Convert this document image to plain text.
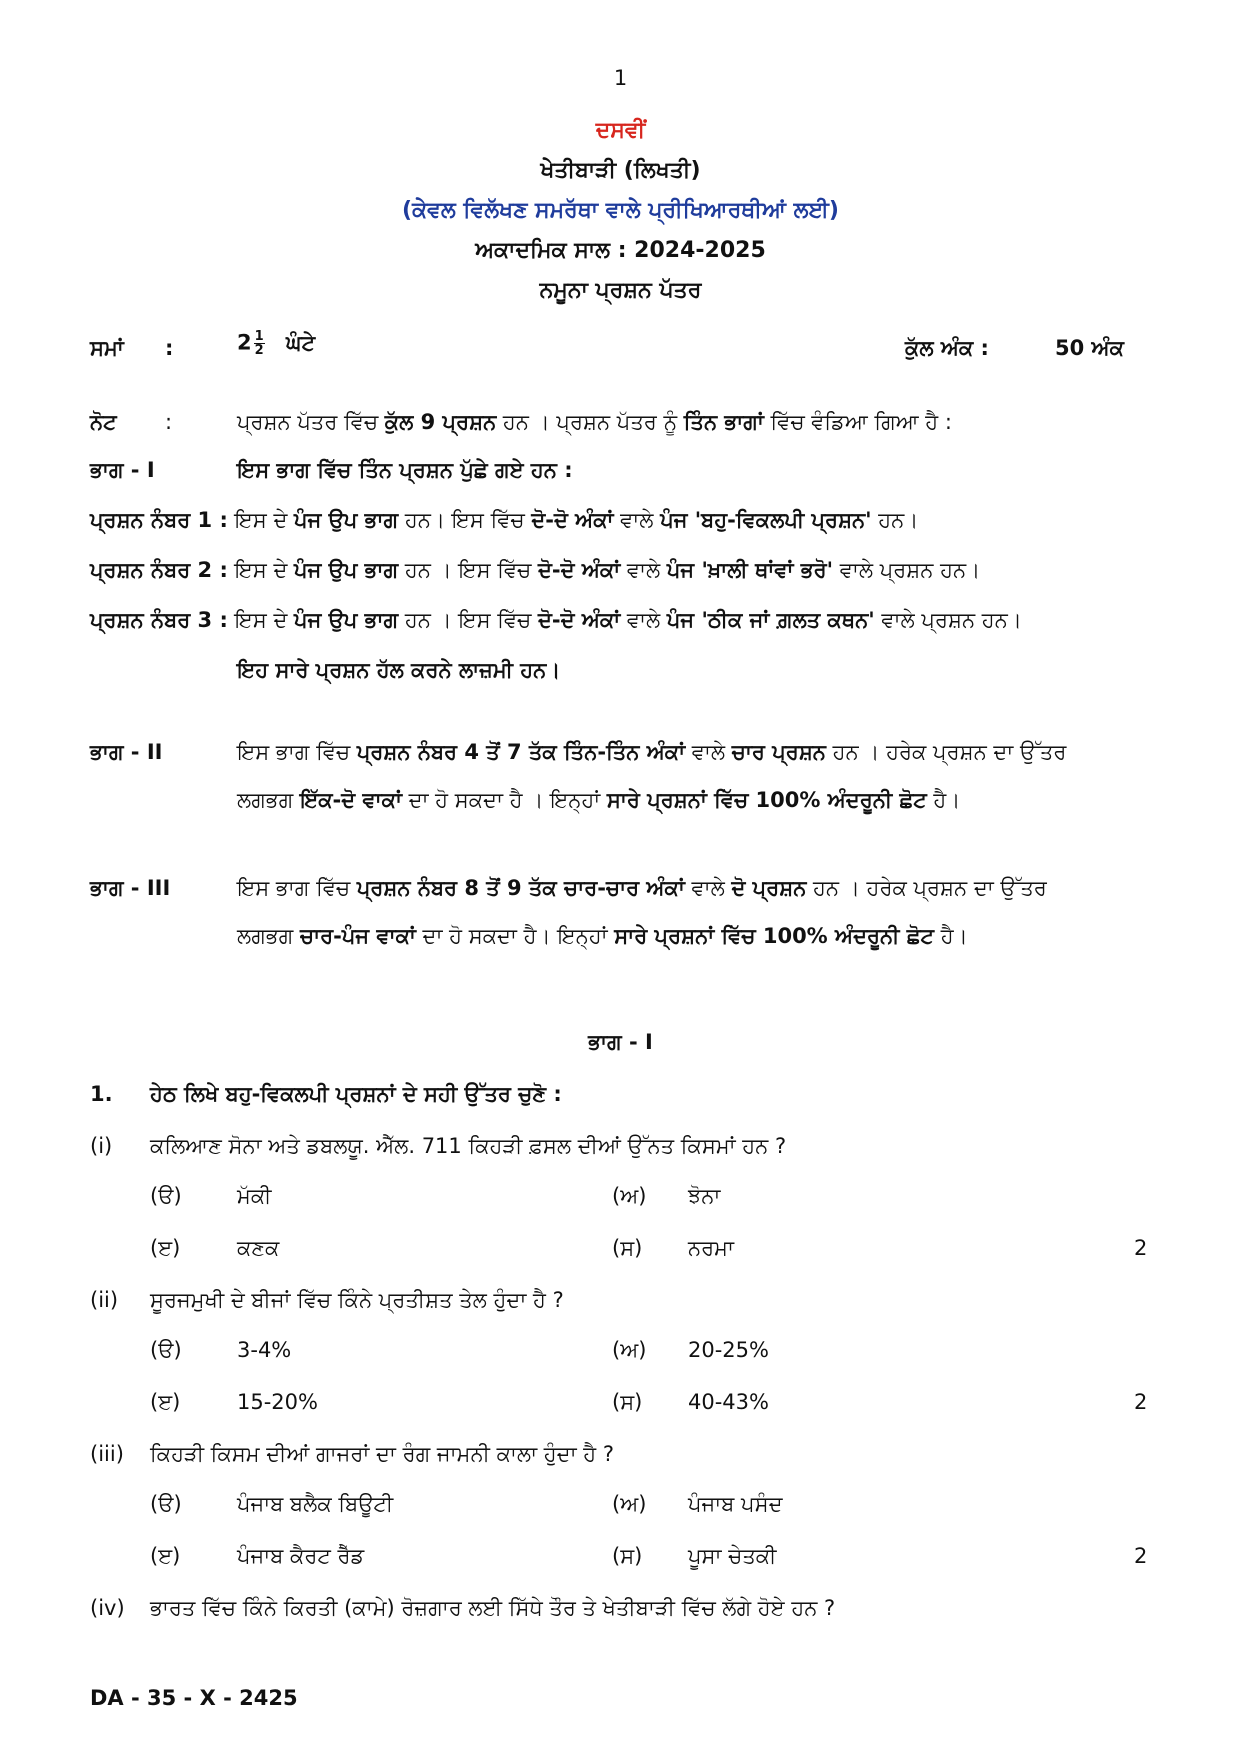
1
ਦਸਵੀਂ
ਖੇਤੀਬਾੜੀ (ਲਿਖਤੀ)
(ਕੇਵਲ ਵਿਲੱਖਣ ਸਮਰੱਥਾ ਵਾਲੇ ਪ੍ਰੀਖਿਆਰਥੀਆਂ ਲਈ)
ਅਕਾਦਮਿਕ ਸਾਲ : 2024-2025
ਨਮੂਨਾ ਪ੍ਰਸ਼ਨ ਪੱਤਰ
ਸਮਾਂ :	$2 \frac{1}{2}$ ਘੰਟੇ	ਕੁੱਲ ਅੰਕ :	50 ਅੰਕ
ਨੋਟ :	ਪ੍ਰਸ਼ਨ ਪੱਤਰ ਵਿੱਚ ਕੁੱਲ 9 ਪ੍ਰਸ਼ਨ ਹਨ । ਪ੍ਰਸ਼ਨ ਪੱਤਰ ਨੂੰ ਤਿੰਨ ਭਾਗਾਂ ਵਿੱਚ ਵੰਡਿਆ ਗਿਆ ਹੈ :
ਭਾਗ - I	ਇਸ ਭਾਗ ਵਿੱਚ ਤਿੰਨ ਪ੍ਰਸ਼ਨ ਪੁੱਛੇ ਗਏ ਹਨ :
ਪ੍ਰਸ਼ਨ ਨੰਬਰ 1 : ਇਸ ਦੇ ਪੰਜ ਉਪ ਭਾਗ ਹਨ। ਇਸ ਵਿੱਚ ਦੋ-ਦੋ ਅੰਕਾਂ ਵਾਲੇ ਪੰਜ 'ਬਹੁ-ਵਿਕਲਪੀ ਪ੍ਰਸ਼ਨ' ਹਨ।
ਪ੍ਰਸ਼ਨ ਨੰਬਰ 2 : ਇਸ ਦੇ ਪੰਜ ਉਪ ਭਾਗ ਹਨ । ਇਸ ਵਿੱਚ ਦੋ-ਦੋ ਅੰਕਾਂ ਵਾਲੇ ਪੰਜ 'ਖ਼ਾਲੀ ਥਾਂਵਾਂ ਭਰੋ' ਵਾਲੇ ਪ੍ਰਸ਼ਨ ਹਨ।
ਪ੍ਰਸ਼ਨ ਨੰਬਰ 3 : ਇਸ ਦੇ ਪੰਜ ਉਪ ਭਾਗ ਹਨ । ਇਸ ਵਿੱਚ ਦੋ-ਦੋ ਅੰਕਾਂ ਵਾਲੇ ਪੰਜ 'ਠੀਕ ਜਾਂ ਗ਼ਲਤ ਕਥਨ' ਵਾਲੇ ਪ੍ਰਸ਼ਨ ਹਨ।
ਇਹ ਸਾਰੇ ਪ੍ਰਸ਼ਨ ਹੱਲ ਕਰਨੇ ਲਾਜ਼ਮੀ ਹਨ।
ਭਾਗ - II	ਇਸ ਭਾਗ ਵਿੱਚ ਪ੍ਰਸ਼ਨ ਨੰਬਰ 4 ਤੋਂ 7 ਤੱਕ ਤਿੰਨ-ਤਿੰਨ ਅੰਕਾਂ ਵਾਲੇ ਚਾਰ ਪ੍ਰਸ਼ਨ ਹਨ । ਹਰੇਕ ਪ੍ਰਸ਼ਨ ਦਾ ਉੱਤਰ
ਲਗਭਗ ਇੱਕ-ਦੋ ਵਾਕਾਂ ਦਾ ਹੋ ਸਕਦਾ ਹੈ । ਇਨ੍ਹਾਂ ਸਾਰੇ ਪ੍ਰਸ਼ਨਾਂ ਵਿੱਚ 100% ਅੰਦਰੂਨੀ ਛੋਟ ਹੈ।
ਭਾਗ - III	ਇਸ ਭਾਗ ਵਿੱਚ ਪ੍ਰਸ਼ਨ ਨੰਬਰ 8 ਤੋਂ 9 ਤੱਕ ਚਾਰ-ਚਾਰ ਅੰਕਾਂ ਵਾਲੇ ਦੋ ਪ੍ਰਸ਼ਨ ਹਨ । ਹਰੇਕ ਪ੍ਰਸ਼ਨ ਦਾ ਉੱਤਰ
ਲਗਭਗ ਚਾਰ-ਪੰਜ ਵਾਕਾਂ ਦਾ ਹੋ ਸਕਦਾ ਹੈ। ਇਨ੍ਹਾਂ ਸਾਰੇ ਪ੍ਰਸ਼ਨਾਂ ਵਿੱਚ 100% ਅੰਦਰੂਨੀ ਛੋਟ ਹੈ।
ਭਾਗ - I
1. ਹੇਠ ਲਿਖੇ ਬਹੁ-ਵਿਕਲਪੀ ਪ੍ਰਸ਼ਨਾਂ ਦੇ ਸਹੀ ਉੱਤਰ ਚੁਣੋ :
(i) ਕਲਿਆਣ ਸੋਨਾ ਅਤੇ ਡਬਲਯੂ. ਐੱਲ. 711 ਕਿਹੜੀ ਫ਼ਸਲ ਦੀਆਂ ਉੱਨਤ ਕਿਸਮਾਂ ਹਨ ?
(ੳ)	ਮੱਕੀ	(ਅ) ਝੋਨਾ
(ੲ)	ਕਣਕ	(ਸ) ਨਰਮਾ	2
(ii) ਸੂਰਜਮੁਖੀ ਦੇ ਬੀਜਾਂ ਵਿੱਚ ਕਿੰਨੇ ਪ੍ਰਤੀਸ਼ਤ ਤੇਲ ਹੁੰਦਾ ਹੈ ?
(ੳ)	3-4%	(ਅ) 20-25%
(ੲ)	15-20%	(ਸ) 40-43%	2
(iii) ਕਿਹੜੀ ਕਿਸਮ ਦੀਆਂ ਗਾਜਰਾਂ ਦਾ ਰੰਗ ਜਾਮਨੀ ਕਾਲਾ ਹੁੰਦਾ ਹੈ ?
(ੳ)	ਪੰਜਾਬ ਬਲੈਕ ਬਿਊਟੀ	(ਅ) ਪੰਜਾਬ ਪਸੰਦ
(ੲ)	ਪੰਜਾਬ ਕੈਰਟ ਰੈੱਡ	(ਸ) ਪੂਸਾ ਚੇਤਕੀ	2
(iv) ਭਾਰਤ ਵਿੱਚ ਕਿੰਨੇ ਕਿਰਤੀ (ਕਾਮੇ) ਰੋਜ਼ਗਾਰ ਲਈ ਸਿੱਧੇ ਤੌਰ ਤੇ ਖੇਤੀਬਾੜੀ ਵਿੱਚ ਲੱਗੇ ਹੋਏ ਹਨ ?
DA - 35 - X - 2425
